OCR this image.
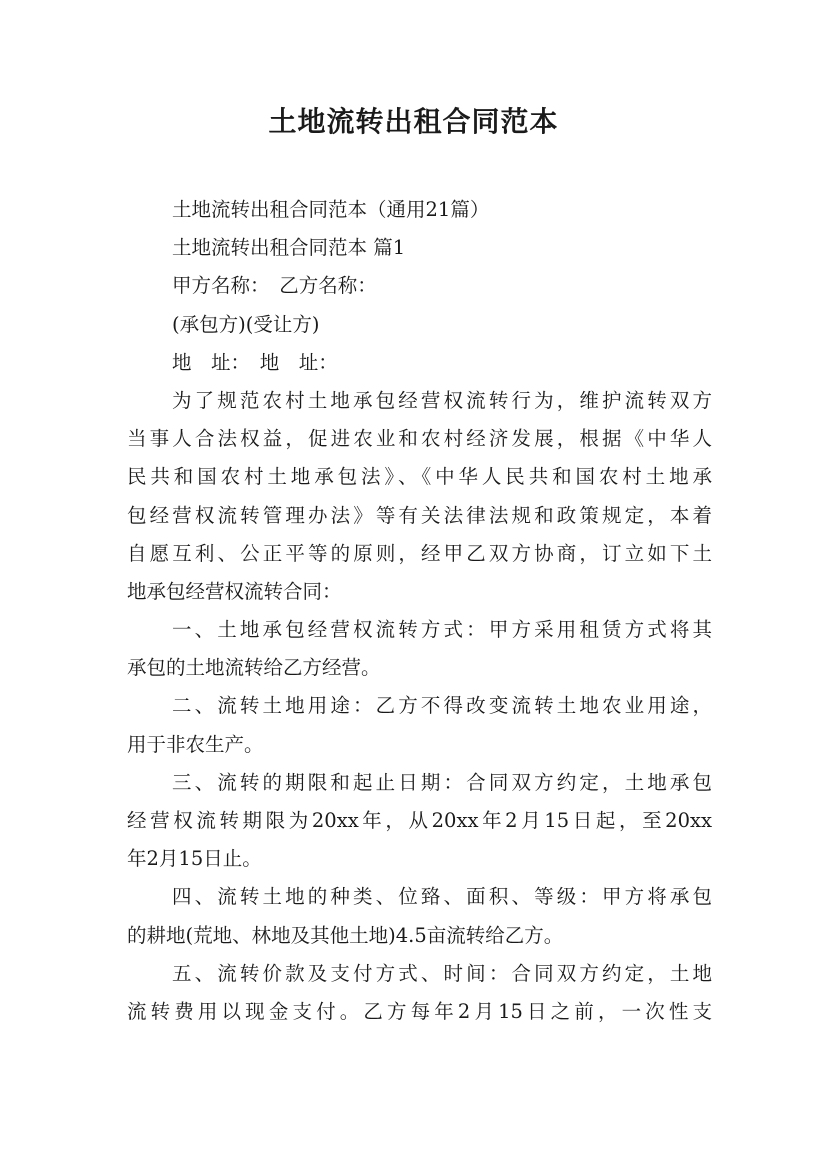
土地流转出租合同范本
土地流转出租合同范本（通用21篇）
土地流转出租合同范本 篇1
甲方名称：　乙方名称：
(承包方)(受让方)
地　址：　地　址：
为了规范农村土地承包经营权流转行为，维护流转双方
当事人合法权益，促进农业和农村经济发展，根据《中华人
民共和国农村土地承包法》、《中华人民共和国农村土地承
包经营权流转管理办法》等有关法律法规和政策规定，本着
自愿互利、公正平等的原则，经甲乙双方协商，订立如下土
地承包经营权流转合同：
一、土地承包经营权流转方式：甲方采用租赁方式将其
承包的土地流转给乙方经营。
二、流转土地用途：乙方不得改变流转土地农业用途，
用于非农生产。
三、流转的期限和起止日期：合同双方约定，土地承包
经营权流转期限为20xx年，从20xx年2月15日起，至20xx
年2月15日止。
四、流转土地的种类、位臵、面积、等级：甲方将承包
的耕地(荒地、林地及其他土地)4.5亩流转给乙方。
五、流转价款及支付方式、时间：合同双方约定，土地
流转费用以现金支付。乙方每年2月15日之前，一次性支
